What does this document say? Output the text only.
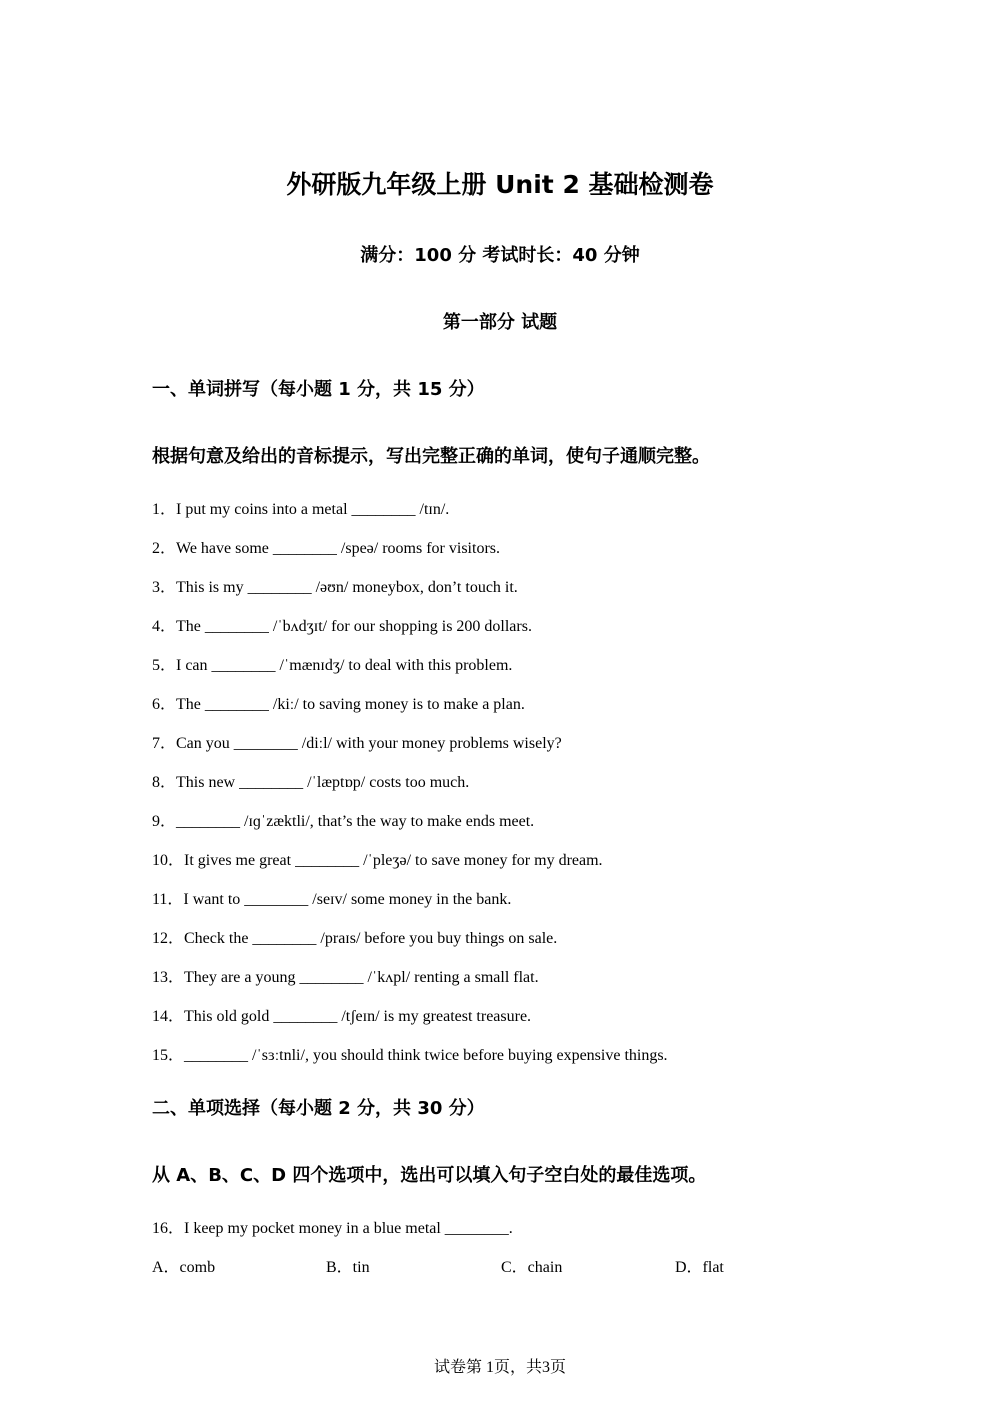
外研版九年级上册 Unit 2 基础检测卷
满分：100 分 考试时长：40 分钟
第一部分 试题
一、单词拼写（每小题 1 分，共 15 分）
根据句意及给出的音标提示，写出完整正确的单词，使句子通顺完整。
1．I put my coins into a metal ________ /tɪn/.
2．We have some ________ /speə/ rooms for visitors.
3．This is my ________ /əʊn/ moneybox, don’t touch it.
4．The ________ /ˈbʌdʒɪt/ for our shopping is 200 dollars.
5．I can ________ /ˈmænɪdʒ/ to deal with this problem.
6．The ________ /kiː/ to saving money is to make a plan.
7．Can you ________ /diːl/ with your money problems wisely?
8．This new ________ /ˈlæptɒp/ costs too much.
9．________ /ɪɡˈzæktli/, that’s the way to make ends meet.
10．It gives me great ________ /ˈpleʒə/ to save money for my dream.
11．I want to ________ /seɪv/ some money in the bank.
12．Check the ________ /praɪs/ before you buy things on sale.
13．They are a young ________ /ˈkʌpl/ renting a small flat.
14．This old gold ________ /tʃeɪn/ is my greatest treasure.
15．________ /ˈsɜːtnli/, you should think twice before buying expensive things.
二、单项选择（每小题 2 分，共 30 分）
从 A、B、C、D 四个选项中，选出可以填入句子空白处的最佳选项。
16．I keep my pocket money in a blue metal ________.
A．comb	B．tin	C．chain	D．flat
试卷第 1页，共3页
